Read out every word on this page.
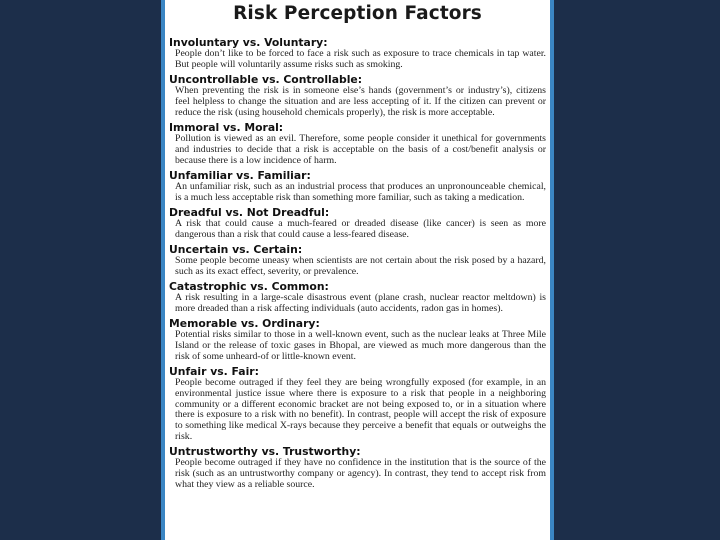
Risk Perception Factors
Involuntary vs. Voluntary:
People don’t like to be forced to face a risk such as exposure to trace chemicals in tap water. But people will voluntarily assume risks such as smoking.
Uncontrollable vs. Controllable:
When preventing the risk is in someone else’s hands (government’s or industry’s), citizens feel helpless to change the situation and are less accepting of it. If the citizen can prevent or reduce the risk (using household chemicals properly), the risk is more acceptable.
Immoral vs. Moral:
Pollution is viewed as an evil. Therefore, some people consider it unethical for governments and industries to decide that a risk is acceptable on the basis of a cost/benefit analysis or because there is a low incidence of harm.
Unfamiliar vs. Familiar:
An unfamiliar risk, such as an industrial process that produces an unpronounceable chemical, is a much less acceptable risk than something more familiar, such as taking a medication.
Dreadful vs. Not Dreadful:
A risk that could cause a much-feared or dreaded disease (like cancer) is seen as more dangerous than a risk that could cause a less-feared disease.
Uncertain vs. Certain:
Some people become uneasy when scientists are not certain about the risk posed by a hazard, such as its exact effect, severity, or prevalence.
Catastrophic vs. Common:
A risk resulting in a large-scale disastrous event (plane crash, nuclear reactor meltdown) is more dreaded than a risk affecting individuals (auto accidents, radon gas in homes).
Memorable vs. Ordinary:
Potential risks similar to those in a well-known event, such as the nuclear leaks at Three Mile Island or the release of toxic gases in Bhopal, are viewed as much more dangerous than the risk of some unheard-of or little-known event.
Unfair vs. Fair:
People become outraged if they feel they are being wrongfully exposed (for example, in an environmental justice issue where there is exposure to a risk that people in a neighboring community or a different economic bracket are not being exposed to, or in a situation where there is exposure to a risk with no benefit). In contrast, people will accept the risk of exposure to something like medical X-rays because they perceive a benefit that equals or outweighs the risk.
Untrustworthy vs. Trustworthy:
People become outraged if they have no confidence in the institution that is the source of the risk (such as an untrustworthy company or agency). In contrast, they tend to accept risk from what they view as a reliable source.
